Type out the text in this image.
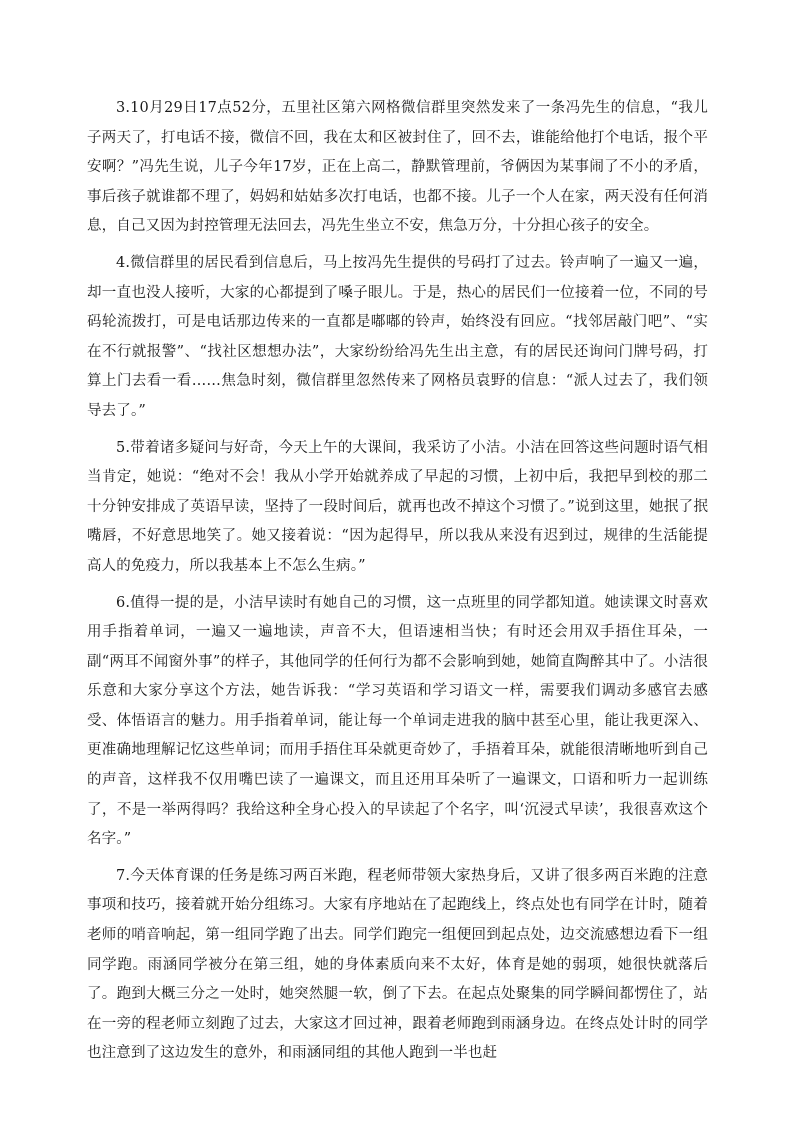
3.10月29日17点52分，五里社区第六网格微信群里突然发来了一条冯先生的信息，“我儿子两天了，打电话不接，微信不回，我在太和区被封住了，回不去，谁能给他打个电话，报个平安啊？”冯先生说，儿子今年17岁，正在上高二，静默管理前，爷俩因为某事闹了不小的矛盾，事后孩子就谁都不理了，妈妈和姑姑多次打电话，也都不接。儿子一个人在家，两天没有任何消息，自己又因为封控管理无法回去，冯先生坐立不安，焦急万分，十分担心孩子的安全。

4.微信群里的居民看到信息后，马上按冯先生提供的号码打了过去。铃声响了一遍又一遍，却一直也没人接听，大家的心都提到了嗓子眼儿。于是，热心的居民们一位接着一位，不同的号码轮流拨打，可是电话那边传来的一直都是嘟嘟的铃声，始终没有回应。“找邻居敲门吧”、“实在不行就报警”、“找社区想想办法”，大家纷纷给冯先生出主意，有的居民还询问门牌号码，打算上门去看一看……焦急时刻，微信群里忽然传来了网格员袁野的信息：“派人过去了，我们领导去了。”

5.带着诸多疑问与好奇，今天上午的大课间，我采访了小洁。小洁在回答这些问题时语气相当肯定，她说：“绝对不会！我从小学开始就养成了早起的习惯，上初中后，我把早到校的那二十分钟安排成了英语早读，坚持了一段时间后，就再也改不掉这个习惯了。”说到这里，她抿了抿嘴唇，不好意思地笑了。她又接着说：“因为起得早，所以我从来没有迟到过，规律的生活能提高人的免疫力，所以我基本上不怎么生病。”

6.值得一提的是，小洁早读时有她自己的习惯，这一点班里的同学都知道。她读课文时喜欢用手指着单词，一遍又一遍地读，声音不大，但语速相当快；有时还会用双手捂住耳朵，一副“两耳不闻窗外事”的样子，其他同学的任何行为都不会影响到她，她简直陶醉其中了。小洁很乐意和大家分享这个方法，她告诉我：“学习英语和学习语文一样，需要我们调动多感官去感受、体悟语言的魅力。用手指着单词，能让每一个单词走进我的脑中甚至心里，能让我更深入、更准确地理解记忆这些单词；而用手捂住耳朵就更奇妙了，手捂着耳朵，就能很清晰地听到自己的声音，这样我不仅用嘴巴读了一遍课文，而且还用耳朵听了一遍课文，口语和听力一起训练了，不是一举两得吗？我给这种全身心投入的早读起了个名字，叫‘沉浸式早读’，我很喜欢这个名字。”

7.今天体育课的任务是练习两百米跑，程老师带领大家热身后，又讲了很多两百米跑的注意事项和技巧，接着就开始分组练习。大家有序地站在了起跑线上，终点处也有同学在计时，随着老师的哨音响起，第一组同学跑了出去。同学们跑完一组便回到起点处，边交流感想边看下一组同学跑。雨涵同学被分在第三组，她的身体素质向来不太好，体育是她的弱项，她很快就落后了。跑到大概三分之一处时，她突然腿一软，倒了下去。在起点处聚集的同学瞬间都愣住了，站在一旁的程老师立刻跑了过去，大家这才回过神，跟着老师跑到雨涵身边。在终点处计时的同学也注意到了这边发生的意外，和雨涵同组的其他人跑到一半也赶
